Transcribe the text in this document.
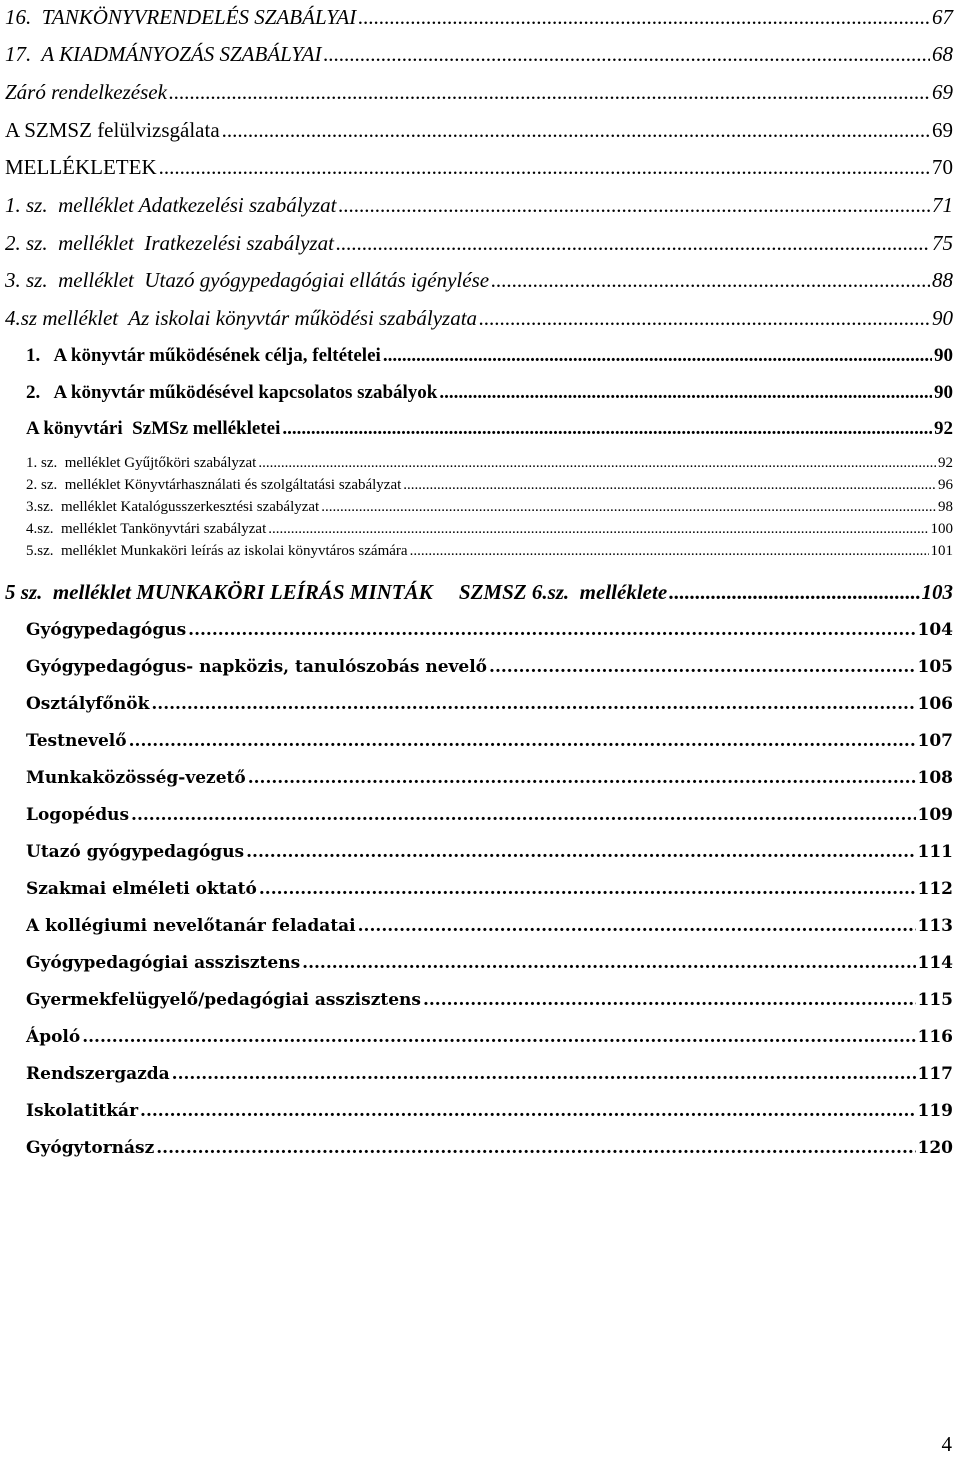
16.  TANKÖNYVRENDELÉS SZABÁLYAI .....	67
17.  A KIADMÁNYOZÁS SZABÁLYAI .....	68
Záró rendelkezések .....	69
A SZMSZ felülvizsgálata .....	69
MELLÉKLETEK .....	70
1. sz.  melléklet Adatkezelési szabályzat .....	71
2. sz.  melléklet  Iratkezelési szabályzat .....	75
3. sz.  melléklet  Utazó gyógypedagógiai ellátás igénylése .....	88
4.sz melléklet  Az iskolai könyvtár működési szabályzata .....	90
1.   A könyvtár működésének célja, feltételei .....	90
2.   A könyvtár működésével kapcsolatos szabályok .....	90
A könyvtári  SzMSz mellékletei .....	92
1. sz.  melléklet Gyűjtőköri szabályzat .....	92
2. sz.  melléklet Könyvtárhasználati és szolgáltatási szabályzat .....	96
3.sz.  melléklet Katalógusszerkesztési szabályzat .....	98
4.sz.  melléklet Tankönyvtári szabályzat .....	100
5.sz.  melléklet Munkaköri leírás az iskolai könyvtáros számára .....	101
5 sz.  melléklet MUNKAKÖRI LEÍRÁS MINTÁK     SZMSZ 6.sz.  melléklete .....	103
Gyógypedagógus .....	104
Gyógypedagógus- napközis, tanulószobás nevelő .....	105
Osztályfőnök .....	106
Testnevelő .....	107
Munkaközösség-vezető .....	108
Logopédus .....	109
Utazó gyógypedagógus .....	111
Szakmai elméleti oktató .....	112
A kollégiumi nevelőtanár feladatai .....	113
Gyógypedagógiai asszisztens .....	114
Gyermekfelügyelő/pedagógiai asszisztens .....	115
Ápoló .....	116
Rendszergazda .....	117
Iskolatitkár .....	119
Gyógytornász .....	120
4
